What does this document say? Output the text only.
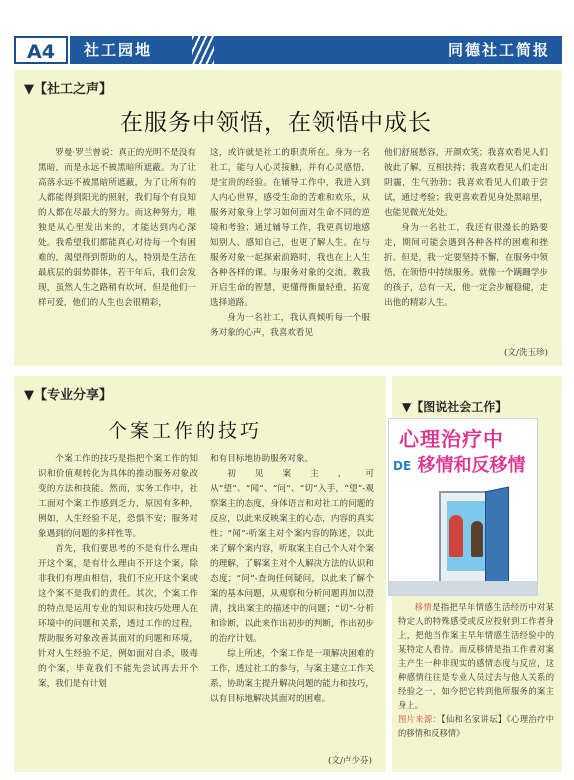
A4	社工园地	同德社工简报
▼【社工之声】
在服务中领悟，在领悟中成长

罗曼·罗兰曾说：真正的光明不是没有黑暗，而是永远不被黑暗所遮蔽。为了让高落永远不被黑暗所遮蔽，为了让所有的人都能得到阳光的照射，我们每个有良知的人都在尽最大的努力。而这种努力，唯独是从心里发出来的，才能达到内心深处。我希望我们都能真心对待每一个有困难的，渴望得到帮助的人，特别是生活在最底层的弱势群体，若干年后，我们会发现，虽然人生之路稍有坎坷，但是他们一样可爱，他们的人生也会很精彩，

这，或许就是社工的职责所在。身为一名社工，能与人心灵接触，并有心灵感悟，是宝贵的经验。在辅导工作中，我进入到人内心世界，感受生命的苦难和欢乐，从服务对象身上学习如何面对生命不同的逆境和考验；通过辅导工作，我更真切地感知别人，感知自己，也更了解人生。在与服务对象一起探索前路时，我也在上人生各种各样的课。与服务对象的交流，教我开启生命的智慧，更懂得衡量轻重，拓宽选择道路。

身为一名社工，我认真倾听每一个服务对象的心声，我喜欢看见

他们舒展愁容，开颜欢笑；我喜欢看见人们彼此了解，互相扶持；我喜欢看见人们走出阴霾，生气勃勃；我喜欢看见人们敢于尝试，通过考验；我更喜欢看见身处黑暗里，也能见微光处处。

身为一名社工，我还有很漫长的路要走，期间可能会遇到各种各样的困难和挫折。但是，我一定要坚持不懈，在服务中领悟，在领悟中持续服务。就像一个蹒跚学步的孩子，总有一天，他一定会步履稳健，走出他的精彩人生。

(文/洗玉珍)
▼【专业分享】
个案工作的技巧

个案工作的技巧是指把个案工作的知识和价值观转化为具体的推动服务对象改变的方法和技能。然而，实务工作中，社工面对个案工作感到乏力，原因有多种，例如，人生经验不足，恐惧不安；服务对象遇到的问题的多样性等。

首先，我们要思考的不是有什么理由开这个案，是有什么理由不开这个案，除非我们有理由相信，我们不应开这个案或这个案不是我们的责任。其次，个案工作的特点是运用专业的知识和技巧处理人在环境中的问题和关系，透过工作的过程，帮助服务对象改善其面对的问题和环境，针对人生经验不足，例如面对自杀，吸毒的个案，毕竟我们不能先尝试再去开个案，我们是有计划

和有目标地协助服务对象。

初见案主，可从“望”、“闻”、“问”、“切”入手，“望”-观察案主的态度，身体语言和对社工的问题的反应，以此来反映案主的心态，内容的真实性；“闻”-听案主对个案内容的陈述，以此来了解个案内容，听取案主自己个人对个案的理解，了解案主对个人解决方法的认识和态度；“问”-查询任何疑问，以此来了解个案的基本问题，从观察和分析问题再加以澄清，找出案主的描述中的问题；“切”-分析和诊断，以此来作出初步的判断，作出初步的治疗计划。

综上所述，个案工作是一项解决困难的工作，透过社工的参与，与案主建立工作关系，协助案主提升解决问题的能力和技巧，以有目标地解决其面对的困难。

(文/卢少芬)
▼【图说社会工作】

移情是指把早年情感生活经历中对某特定人的特殊感受或反应投射到工作者身上，把他当作案主早年情感生活经验中的某特定人看待。而反移情是指工作者对案主产生一种非现实的感情态度与反应，这种感情往往是专业人员过去与他人关系的经验之一，如今把它转到他所服务的案主身上。

图片来源：【仙和名家讲坛】《心理治疗中的移情和反移情》

心理治疗中
DE 移情和反移情
